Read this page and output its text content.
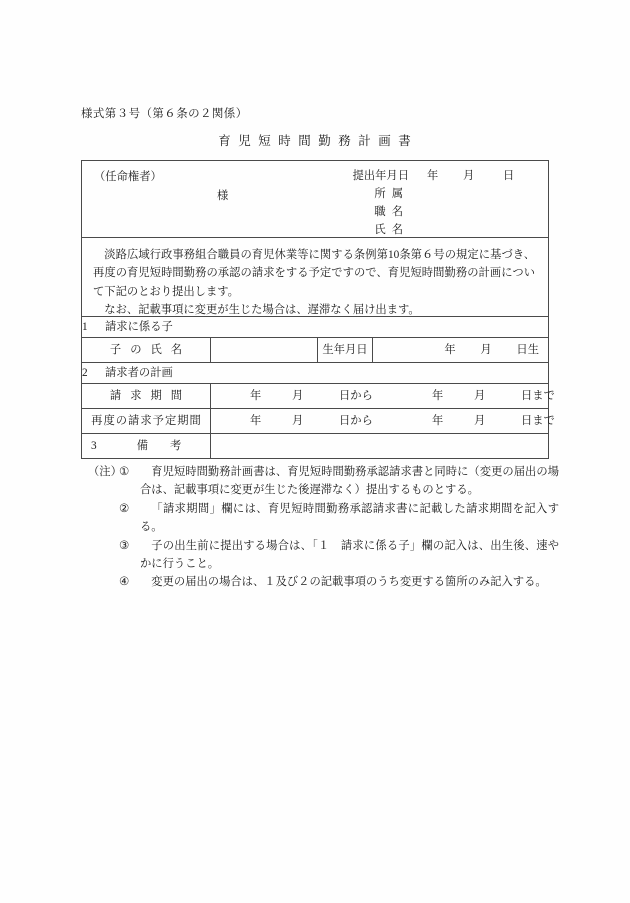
様式第３号（第６条の２関係）
育児短時間勤務計画書
（任命権者）
様
提出年月日	年 月	日
所属
職名
氏名

淡路広域行政事務組合職員の育児休業等に関する条例第10条第６号の規定に基づき、再度の育児短時間勤務の承認の請求をする予定ですので、育児短時間勤務の計画について下記のとおり提出します。

なお、記載事項に変更が生じた場合は、遅滞なく届け出ます。			

1 請求に係る子			
子の氏名		生年月日	年 月 日生

2 請求者の計画			
請求期間	年 月 日から 年 月 日まで		

再度の請求予定期間	年 月 日から 年 月 日まで		

3 備考			

（注）
①	育児短時間勤務計画書は、育児短時間勤務承認請求書と同時に（変更の届出の場合は、記載事項に変更が生じた後遅滞なく）提出するものとする。
②	「請求期間」欄には、育児短時間勤務承認請求書に記載した請求期間を記入する。
③	子の出生前に提出する場合は、「１　請求に係る子」欄の記入は、出生後、速やかに行うこと。
④	変更の届出の場合は、１及び２の記載事項のうち変更する箇所のみ記入する。
